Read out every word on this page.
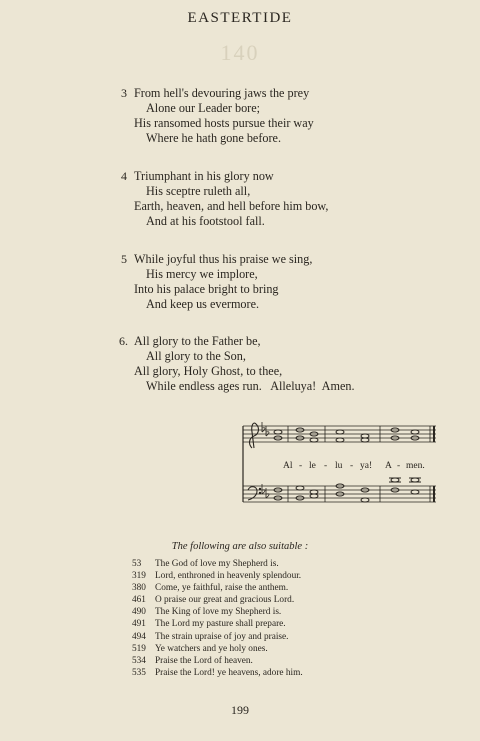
EASTERTIDE
140
3 From hell's devouring jaws the prey
Alone our Leader bore;
His ransomed hosts pursue their way
Where he hath gone before.
4 Triumphant in his glory now
His sceptre ruleth all,
Earth, heaven, and hell before him bow,
And at his footstool fall.
5 While joyful thus his praise we sing,
His mercy we implore,
Into his palace bright to bring
And keep us evermore.
6. All glory to the Father be,
All glory to the Son,
All glory, Holy Ghost, to thee,
While endless ages run.   Alleluya!  Amen.
Al - le - lu - ya! A - men.
The following are also suitable :
53 The God of love my Shepherd is.
319 Lord, enthroned in heavenly splendour.
380 Come, ye faithful, raise the anthem.
461 O praise our great and gracious Lord.
490 The King of love my Shepherd is.
491 The Lord my pasture shall prepare.
494 The strain upraise of joy and praise.
519 Ye watchers and ye holy ones.
534 Praise the Lord of heaven.
535 Praise the Lord! ye heavens, adore him.
199
